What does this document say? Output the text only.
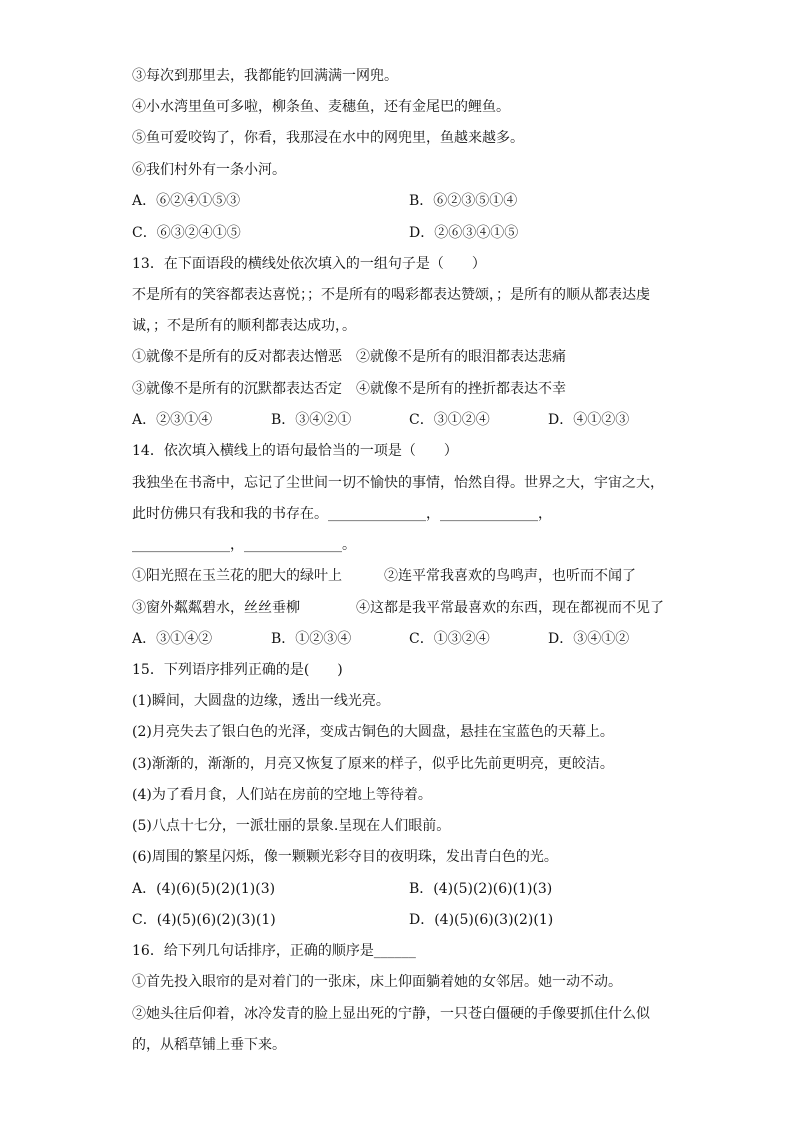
③每次到那里去，我都能钓回满满一网兜。
④小水湾里鱼可多啦，柳条鱼、麦穗鱼，还有金尾巴的鲤鱼。
⑤鱼可爱咬钩了，你看，我那浸在水中的网兜里，鱼越来越多。
⑥我们村外有一条小河。
A．⑥②④①⑤③	B．⑥②③⑤①④
C．⑥③②④①⑤	D．②⑥③④①⑤
13．在下面语段的横线处依次填入的一组句子是（　　）
不是所有的笑容都表达喜悦；；不是所有的喝彩都表达赞颂，；是所有的顺从都表达虔
诚，；不是所有的顺利都表达成功，。
①就像不是所有的反对都表达憎恶　②就像不是所有的眼泪都表达悲痛
③就像不是所有的沉默都表达否定　④就像不是所有的挫折都表达不幸
A．②③①④	B．③④②①	C．③①②④	D．④①②③
14．依次填入横线上的语句最恰当的一项是（　　）
我独坐在书斋中，忘记了尘世间一切不愉快的事情，怡然自得。世界之大，宇宙之大，
此时仿佛只有我和我的书存在。______________，______________，
______________，______________。
①阳光照在玉兰花的肥大的绿叶上　　　②连平常我喜欢的鸟鸣声，也听而不闻了
③窗外粼粼碧水，丝丝垂柳　　　　④这都是我平常最喜欢的东西，现在都视而不见了
A．③①④②	B．①②③④	C．①③②④	D．③④①②
15．下列语序排列正确的是(　　)
(1)瞬间，大圆盘的边缘，透出一线光亮。
(2)月亮失去了银白色的光泽，变成古铜色的大圆盘，悬挂在宝蓝色的天幕上。
(3)渐渐的，渐渐的，月亮又恢复了原来的样子，似乎比先前更明亮，更皎洁。
(4)为了看月食，人们站在房前的空地上等待着。
(5)八点十七分，一派壮丽的景象.呈现在人们眼前。
(6)周围的繁星闪烁，像一颗颗光彩夺目的夜明珠，发出青白色的光。
A．(4)(6)(5)(2)(1)(3)	B．(4)(5)(2)(6)(1)(3)
C．(4)(5)(6)(2)(3)(1)	D．(4)(5)(6)(3)(2)(1)
16．给下列几句话排序，正确的顺序是______
①首先投入眼帘的是对着门的一张床，床上仰面躺着她的女邻居。她一动不动。
②她头往后仰着，冰冷发青的脸上显出死的宁静，一只苍白僵硬的手像要抓住什么似
的，从稻草铺上垂下来。
